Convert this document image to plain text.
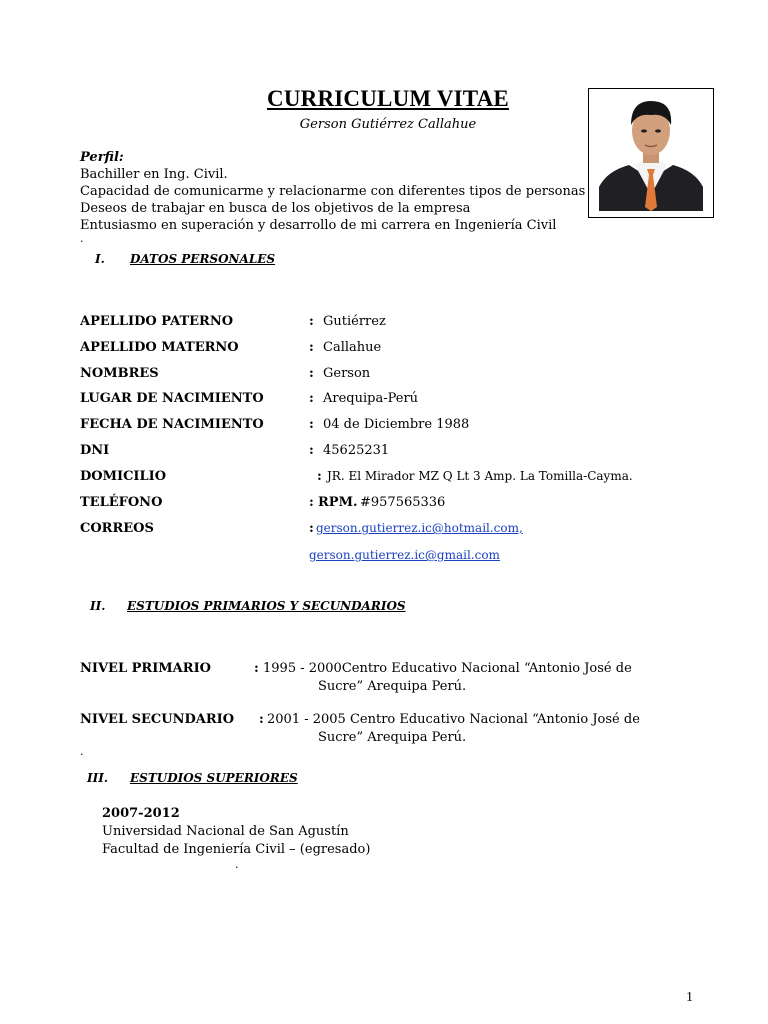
CURRICULUM VITAE
Gerson Gutiérrez Callahue
Perfil:
Bachiller en Ing. Civil.
Capacidad de comunicarme y relacionarme con diferentes tipos de personas
Deseos de trabajar en busca de los objetivos de la empresa
Entusiasmo en superación y desarrollo de mi carrera en Ingeniería Civil
.
I. DATOS PERSONALES
APELLIDO PATERNO	: Gutiérrez
APELLIDO MATERNO	: Callahue
NOMBRES	: Gerson
LUGAR DE NACIMIENTO	: Arequipa-Perú
FECHA DE NACIMIENTO	: 04 de Diciembre 1988
DNI	: 45625231
DOMICILIO	: JR. El Mirador MZ Q Lt 3 Amp. La Tomilla-Cayma.
TELÉFONO	: RPM. #957565336
CORREOS	: gerson.gutierrez.ic@hotmail.com,
gerson.gutierrez.ic@gmail.com
II. ESTUDIOS PRIMARIOS Y SECUNDARIOS
NIVEL PRIMARIO	: 1995 - 2000Centro Educativo Nacional “Antonio José de
Sucre” Arequipa Perú.
NIVEL SECUNDARIO : 2001 - 2005 Centro Educativo Nacional “Antonio José de
Sucre” Arequipa Perú.
.
III. ESTUDIOS SUPERIORES
2007-2012
Universidad Nacional de San Agustín
Facultad de Ingeniería Civil – (egresado)
.
1
